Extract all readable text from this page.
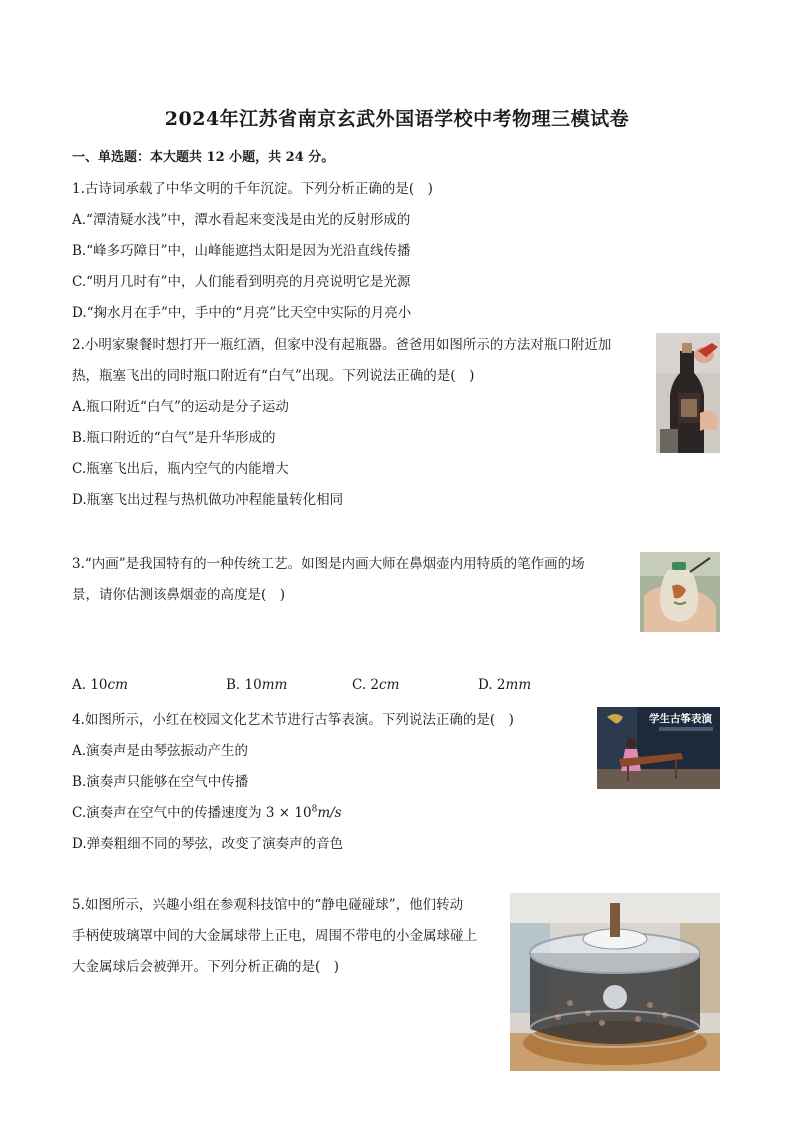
2024年江苏省南京玄武外国语学校中考物理三模试卷
一、单选题：本大题共 12 小题，共 24 分。
1.古诗词承载了中华文明的千年沉淀。下列分析正确的是(　)
A.“潭清疑水浅”中，潭水看起来变浅是由光的反射形成的
B.“峰多巧障日”中，山峰能遮挡太阳是因为光沿直线传播
C.“明月几时有”中，人们能看到明亮的月亮说明它是光源
D.“掬水月在手”中，手中的“月亮”比天空中实际的月亮小
2.小明家聚餐时想打开一瓶红酒，但家中没有起瓶器。爸爸用如图所示的方法对瓶口附近加
热，瓶塞飞出的同时瓶口附近有“白气”出现。下列说法正确的是(　)
A.瓶口附近“白气”的运动是分子运动
B.瓶口附近的“白气”是升华形成的
C.瓶塞飞出后，瓶内空气的内能增大
D.瓶塞飞出过程与热机做功冲程能量转化相同
3.“内画”是我国特有的一种传统工艺。如图是内画大师在鼻烟壶内用特质的笔作画的场
景，请你估测该鼻烟壶的高度是(　)
A. 10cm	B. 10mm	C. 2cm	D. 2mm
4.如图所示，小红在校园文化艺术节进行古筝表演。下列说法正确的是(　)
A.演奏声是由琴弦振动产生的
B.演奏声只能够在空气中传播
C.演奏声在空气中的传播速度为 $3 \times 10^8m/s$
D.弹奏粗细不同的琴弦，改变了演奏声的音色
学生古筝表演
5.如图所示，兴趣小组在参观科技馆中的“静电碰碰球”，他们转动
手柄使玻璃罩中间的大金属球带上正电，周围不带电的小金属球碰上
大金属球后会被弹开。下列分析正确的是(　)
